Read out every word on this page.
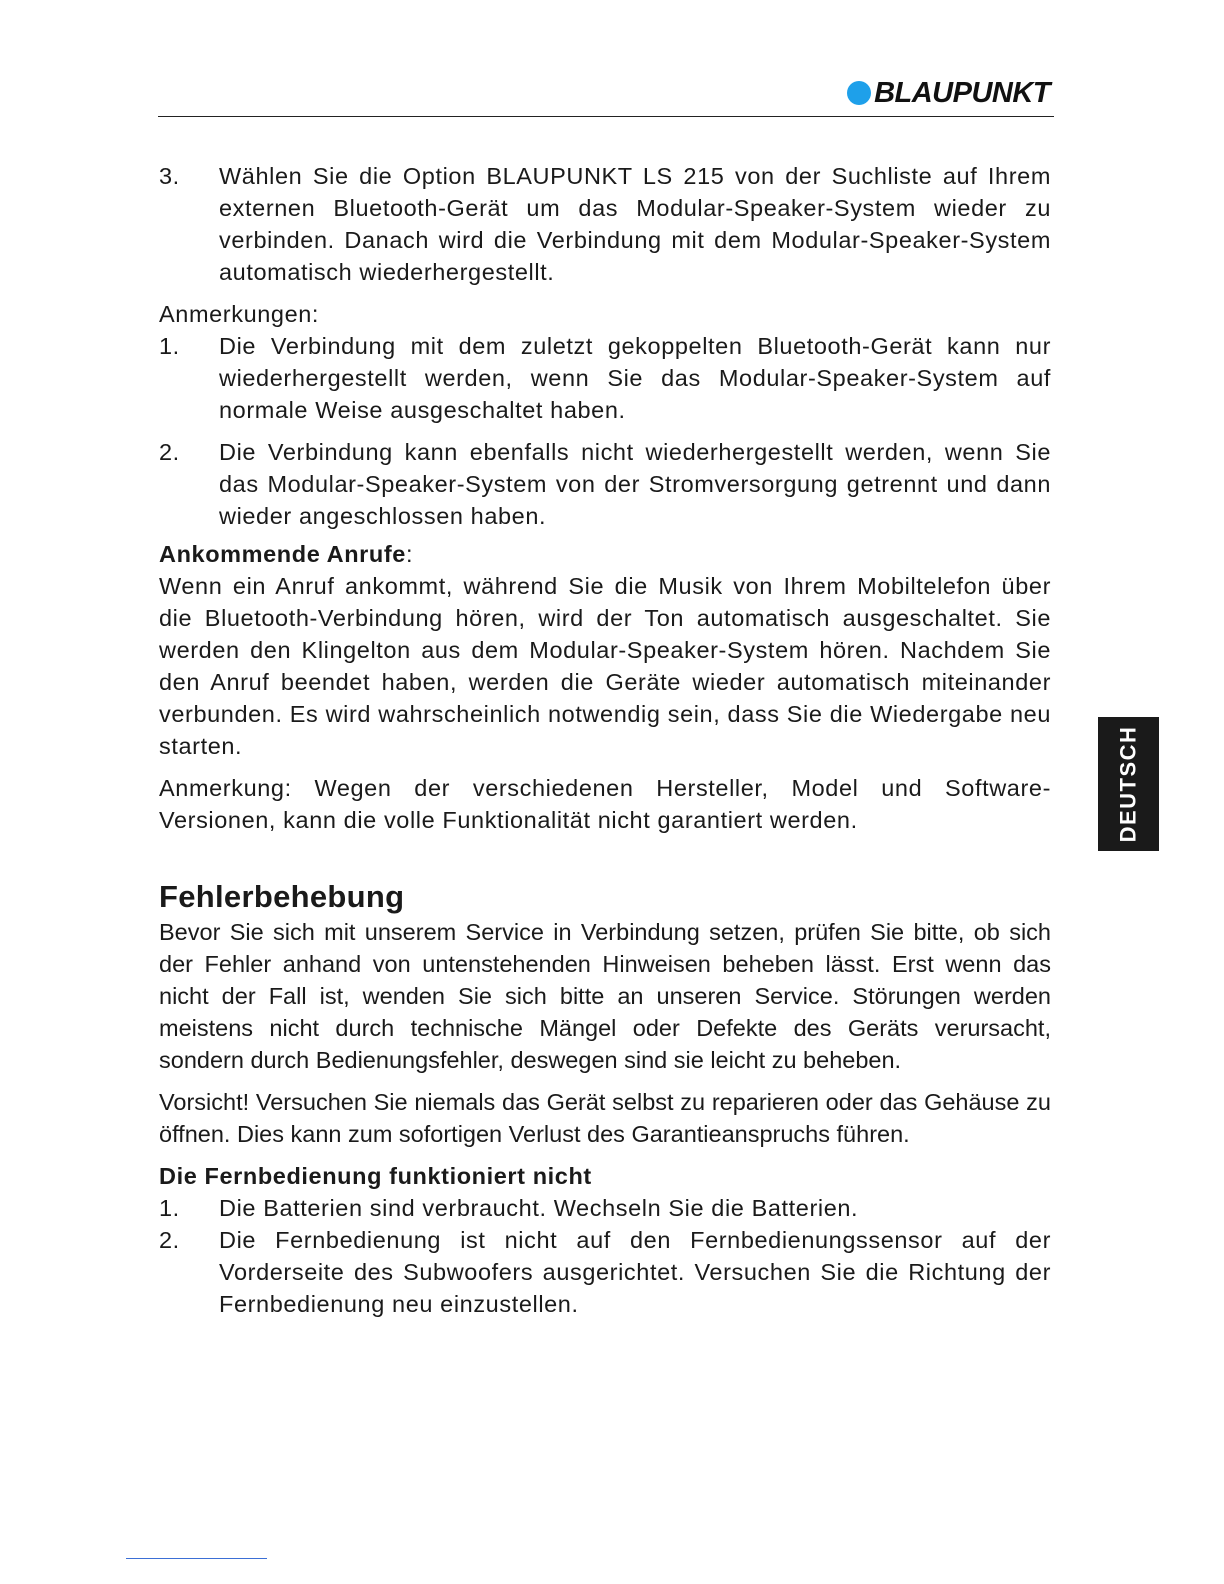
BLAUPUNKT
DEUTSCH
3.	Wählen Sie die Option BLAUPUNKT LS 215 von der Suchliste auf Ihrem externen Bluetooth-Gerät um das Modular-Speaker-System wieder zu verbinden. Danach wird die Verbindung mit dem Modular-Speaker-System automatisch wiederhergestellt.

Anmerkungen:

1.	Die Verbindung mit dem zuletzt gekoppelten Bluetooth-Gerät kann nur wiederhergestellt werden, wenn Sie das Modular-Speaker-System auf normale Weise ausgeschaltet haben.
2.	Die Verbindung kann ebenfalls nicht wiederhergestellt werden, wenn Sie das Modular-Speaker-System von der Stromversorgung getrennt und dann wieder angeschlossen haben.

Ankommende Anrufe:

Wenn ein Anruf ankommt, während Sie die Musik von Ihrem Mobiltelefon über die Bluetooth-Verbindung hören, wird der Ton automatisch ausgeschaltet. Sie werden den Klingelton aus dem Modular-Speaker-System hören. Nachdem Sie den Anruf beendet haben, werden die Geräte wieder automatisch miteinander verbunden. Es wird wahrscheinlich notwendig sein, dass Sie die Wiedergabe neu starten.

Anmerkung: Wegen der verschiedenen Hersteller, Model und Software-Versionen, kann die volle Funktionalität nicht garantiert werden.

Fehlerbehebung

Bevor Sie sich mit unserem Service in Verbindung setzen, prüfen Sie bitte, ob sich der Fehler anhand von untenstehenden Hinweisen beheben lässt. Erst wenn das nicht der Fall ist, wenden Sie sich bitte an unseren Service. Störungen werden meistens nicht durch technische Mängel oder Defekte des Geräts verursacht, sondern durch Bedienungsfehler, deswegen sind sie leicht zu beheben.

Vorsicht! Versuchen Sie niemals das Gerät selbst zu reparieren oder das Gehäuse zu öffnen. Dies kann zum sofortigen Verlust des Garantieanspruchs führen.

Die Fernbedienung funktioniert nicht

1.	Die Batterien sind verbraucht. Wechseln Sie die Batterien.
2.	Die Fernbedienung ist nicht auf den Fernbedienungssensor auf der Vorderseite des Subwoofers ausgerichtet. Versuchen Sie die Richtung der Fernbedienung neu einzustellen.
